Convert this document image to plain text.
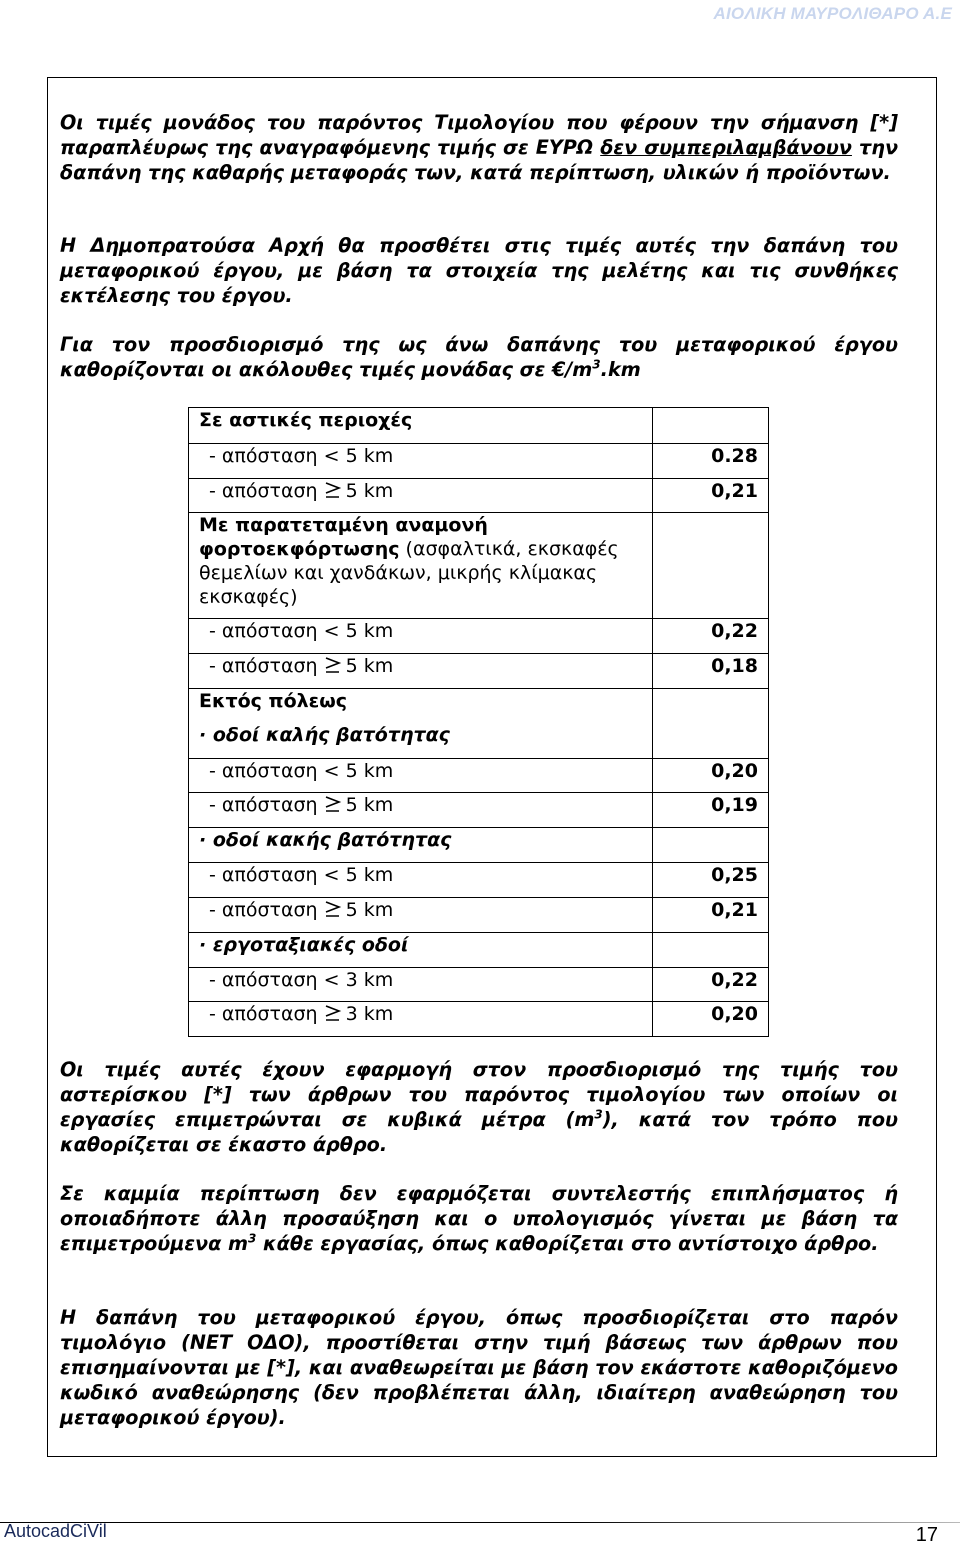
ΑΙΟΛΙΚΗ ΜΑΥΡΟΛΙΘΑΡΟ Α.Ε

Οι τιμές μονάδος του παρόντος Τιμολογίου που φέρουν την σήμανση [*] παραπλέυρως της αναγραφόμενης τιμής σε ΕΥΡΩ δεν συμπεριλαμβάνουν την δαπάνη της καθαρής μεταφοράς των, κατά περίπτωση, υλικών ή προϊόντων.

Η Δημοπρατούσα Αρχή θα προσθέτει στις τιμές αυτές την δαπάνη του μεταφορικού έργου, με βάση τα στοιχεία της μελέτης και τις συνθήκες εκτέλεσης του έργου.

Για τον προσδιορισμό της ως άνω δαπάνης του μεταφορικού έργου καθορίζονται οι ακόλουθες τιμές μονάδας σε $€/m^3.km$

Σε αστικές περιοχές	
- απόσταση < 5 km	0.28
- απόσταση 5 km	0,21
Με παρατεταμένη αναμονή φορτοεκφόρτωσης (ασφαλτικά, εκσκαφές θεμελίων και χανδάκων, μικρής κλίμακας εκσκαφές)	
- απόσταση < 5 km	0,22
- απόσταση 5 km	0,18
Εκτός πόλεως	
· οδοί καλής βατότητας	
- απόσταση < 5 km	0,20
- απόσταση 5 km	0,19
· οδοί κακής βατότητας	
- απόσταση < 5 km	0,25
- απόσταση 5 km	0,21
· εργοταξιακές οδοί	
- απόσταση < 3 km	0,22
- απόσταση 3 km	0,20

Οι τιμές αυτές έχουν εφαρμογή στον προσδιορισμό της τιμής του αστερίσκου [*] των άρθρων του παρόντος τιμολογίου των οποίων οι εργασίες επιμετρώνται σε κυβικά μέτρα $(m^3)$, κατά τον τρόπο που καθορίζεται σε έκαστο άρθρο.

Σε καμμία περίπτωση δεν εφαρμόζεται συντελεστής επιπλήσματος ή οποιαδήποτε άλλη προσαύξηση και ο υπολογισμός γίνεται με βάση τα επιμετρούμενα $m^3$ κάθε εργασίας, όπως καθορίζεται στο αντίστοιχο άρθρο.

Η δαπάνη του μεταφορικού έργου, όπως προσδιορίζεται στο παρόν τιμολόγιο (ΝΕΤ ΟΔΟ), προστίθεται στην τιμή βάσεως των άρθρων που επισημαίνονται με [*], και αναθεωρείται με βάση τον εκάστοτε καθοριζόμενο κωδικό αναθεώρησης (δεν προβλέπεται άλλη, ιδιαίτερη αναθεώρηση του μεταφορικού έργου).

AutocadCiVil	17
